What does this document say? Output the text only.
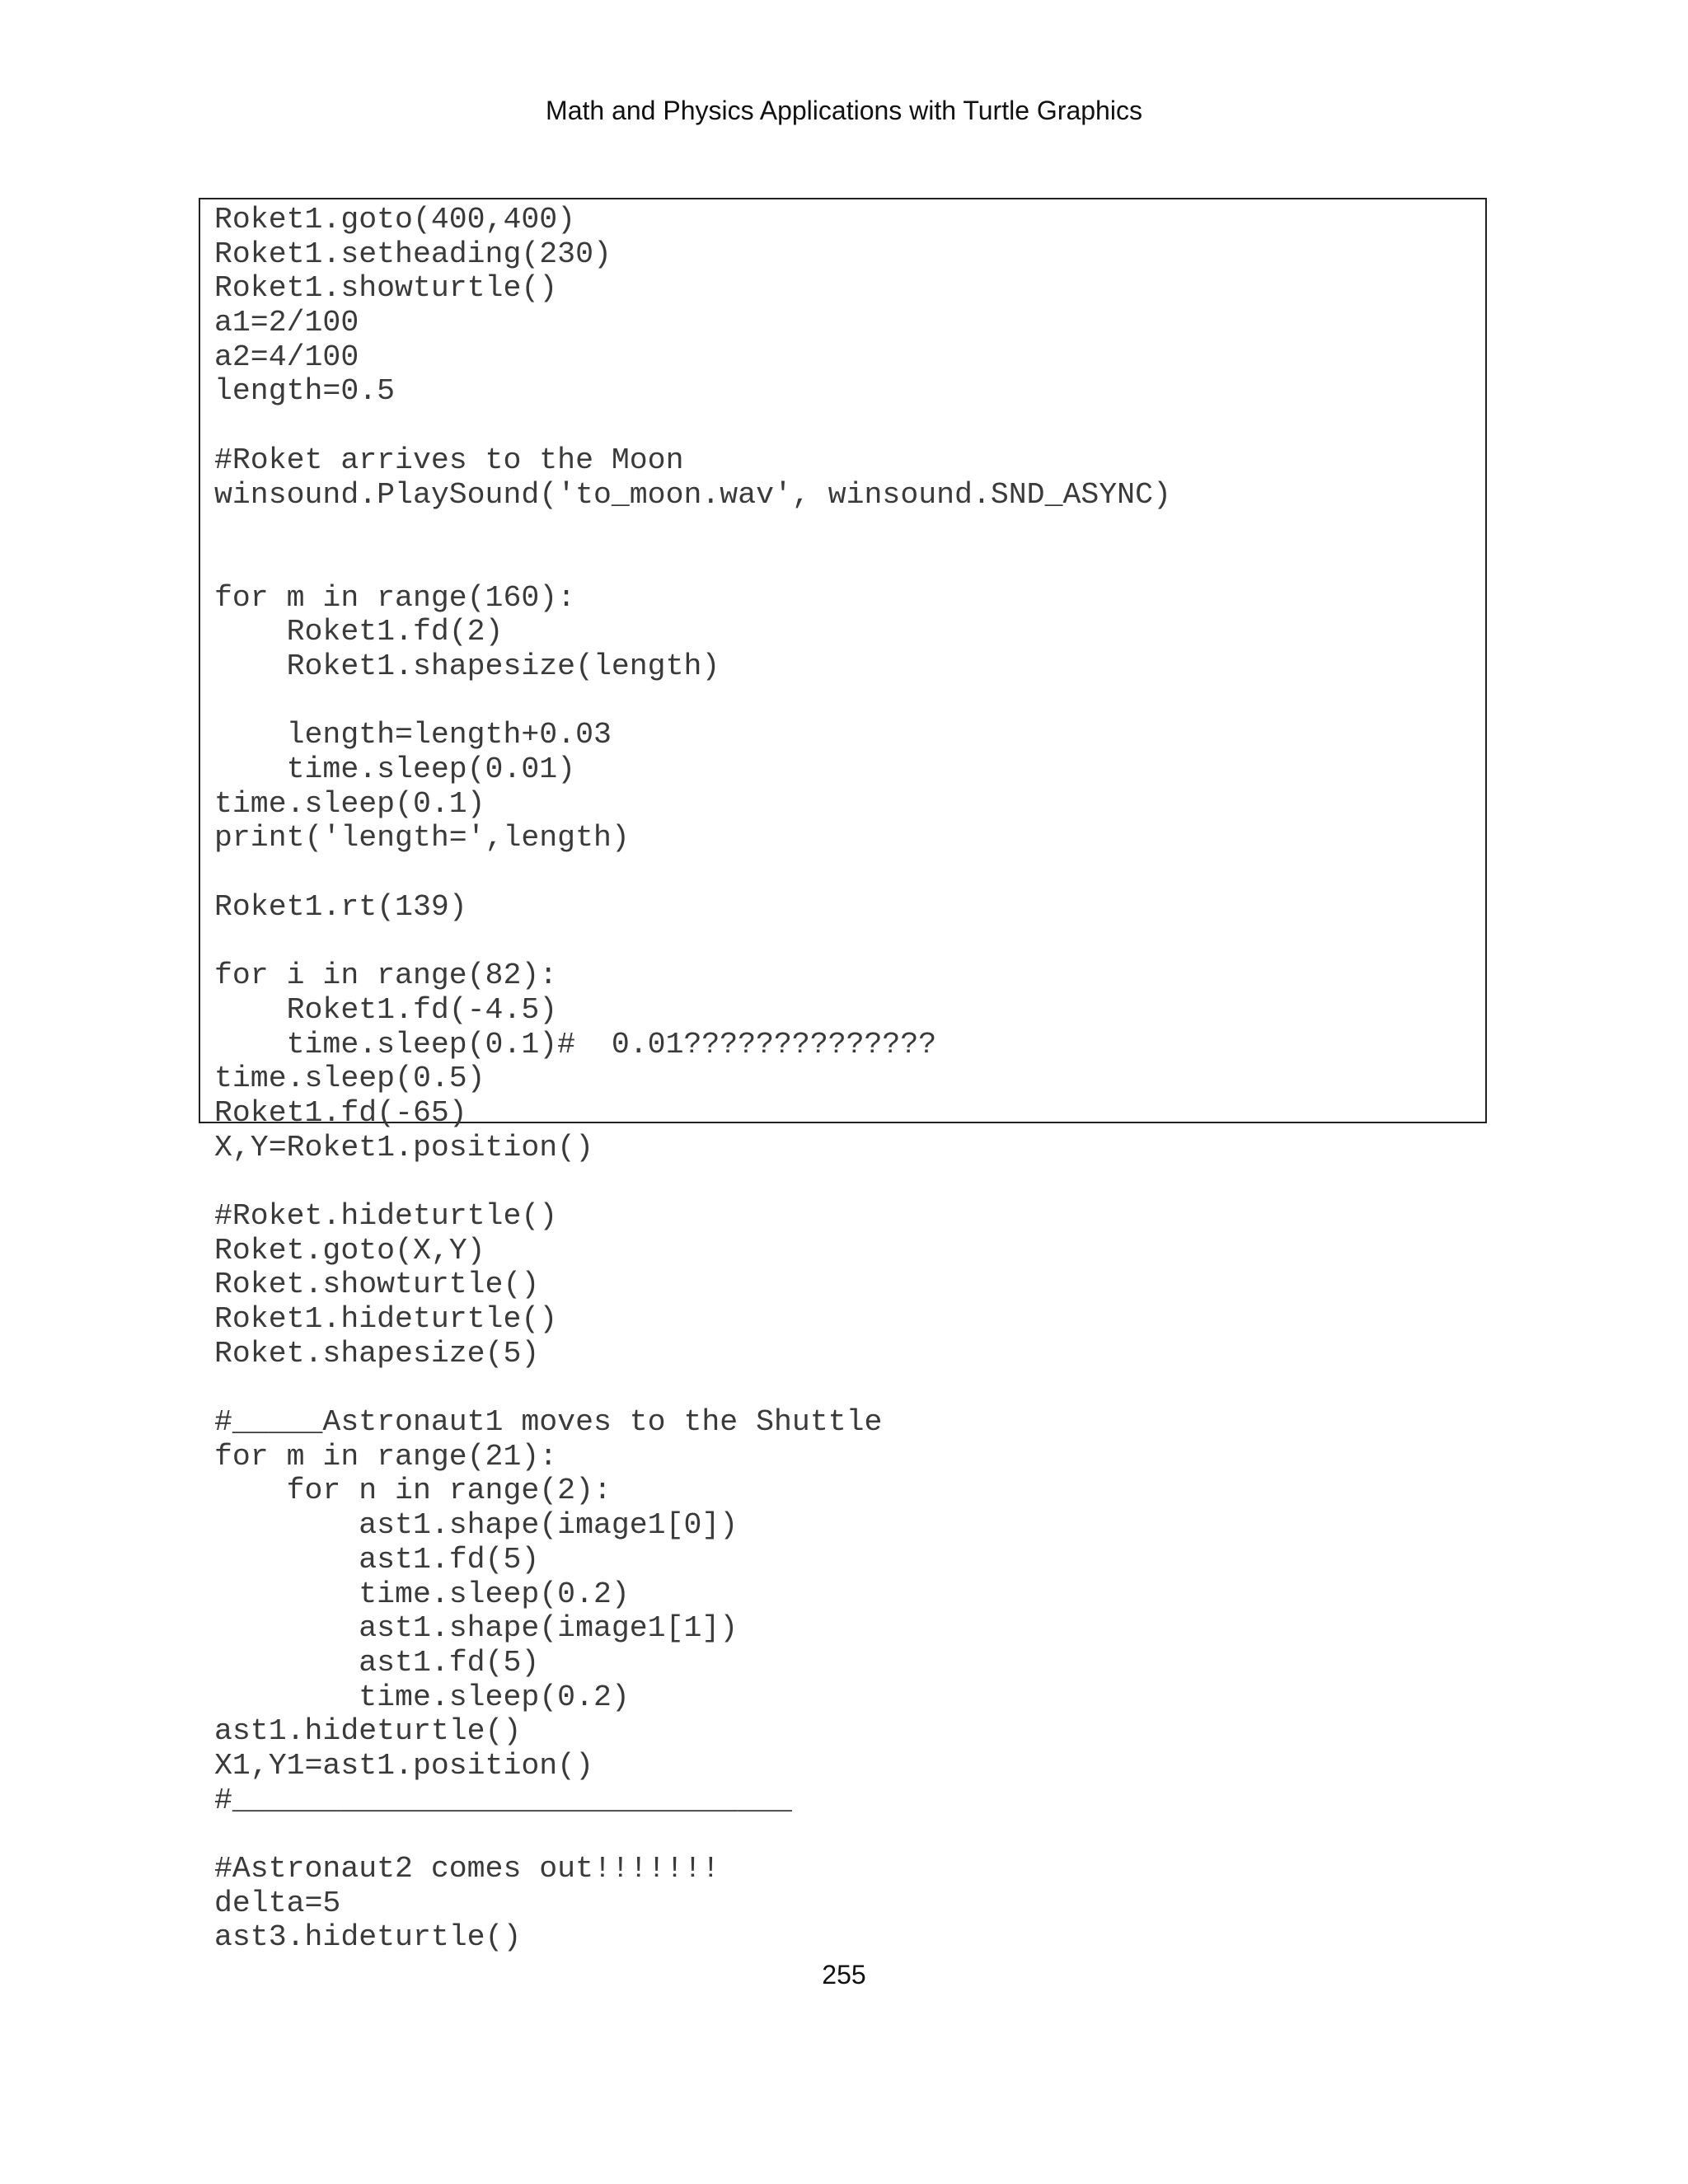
Math and Physics Applications with Turtle Graphics
Roket1.goto(400,400)
Roket1.setheading(230)
Roket1.showturtle()
a1=2/100
a2=4/100
length=0.5
#Roket arrives to the Moon
winsound.PlaySound('to_moon.wav', winsound.SND_ASYNC)
for m in range(160):
Roket1.fd(2)
Roket1.shapesize(length)
length=length+0.03
time.sleep(0.01)
time.sleep(0.1)
print('length=',length)
Roket1.rt(139)
for i in range(82):
Roket1.fd(-4.5)
time.sleep(0.1)#  0.01??????????????
time.sleep(0.5)
Roket1.fd(-65)
X,Y=Roket1.position()
#Roket.hideturtle()
Roket.goto(X,Y)
Roket.showturtle()
Roket1.hideturtle()
Roket.shapesize(5)
#_____Astronaut1 moves to the Shuttle
for m in range(21):
for n in range(2):
ast1.shape(image1[0])
ast1.fd(5)
time.sleep(0.2)
ast1.shape(image1[1])
ast1.fd(5)
time.sleep(0.2)
ast1.hideturtle()
X1,Y1=ast1.position()
#_______________________________
#Astronaut2 comes out!!!!!!!
delta=5
ast3.hideturtle()
255
